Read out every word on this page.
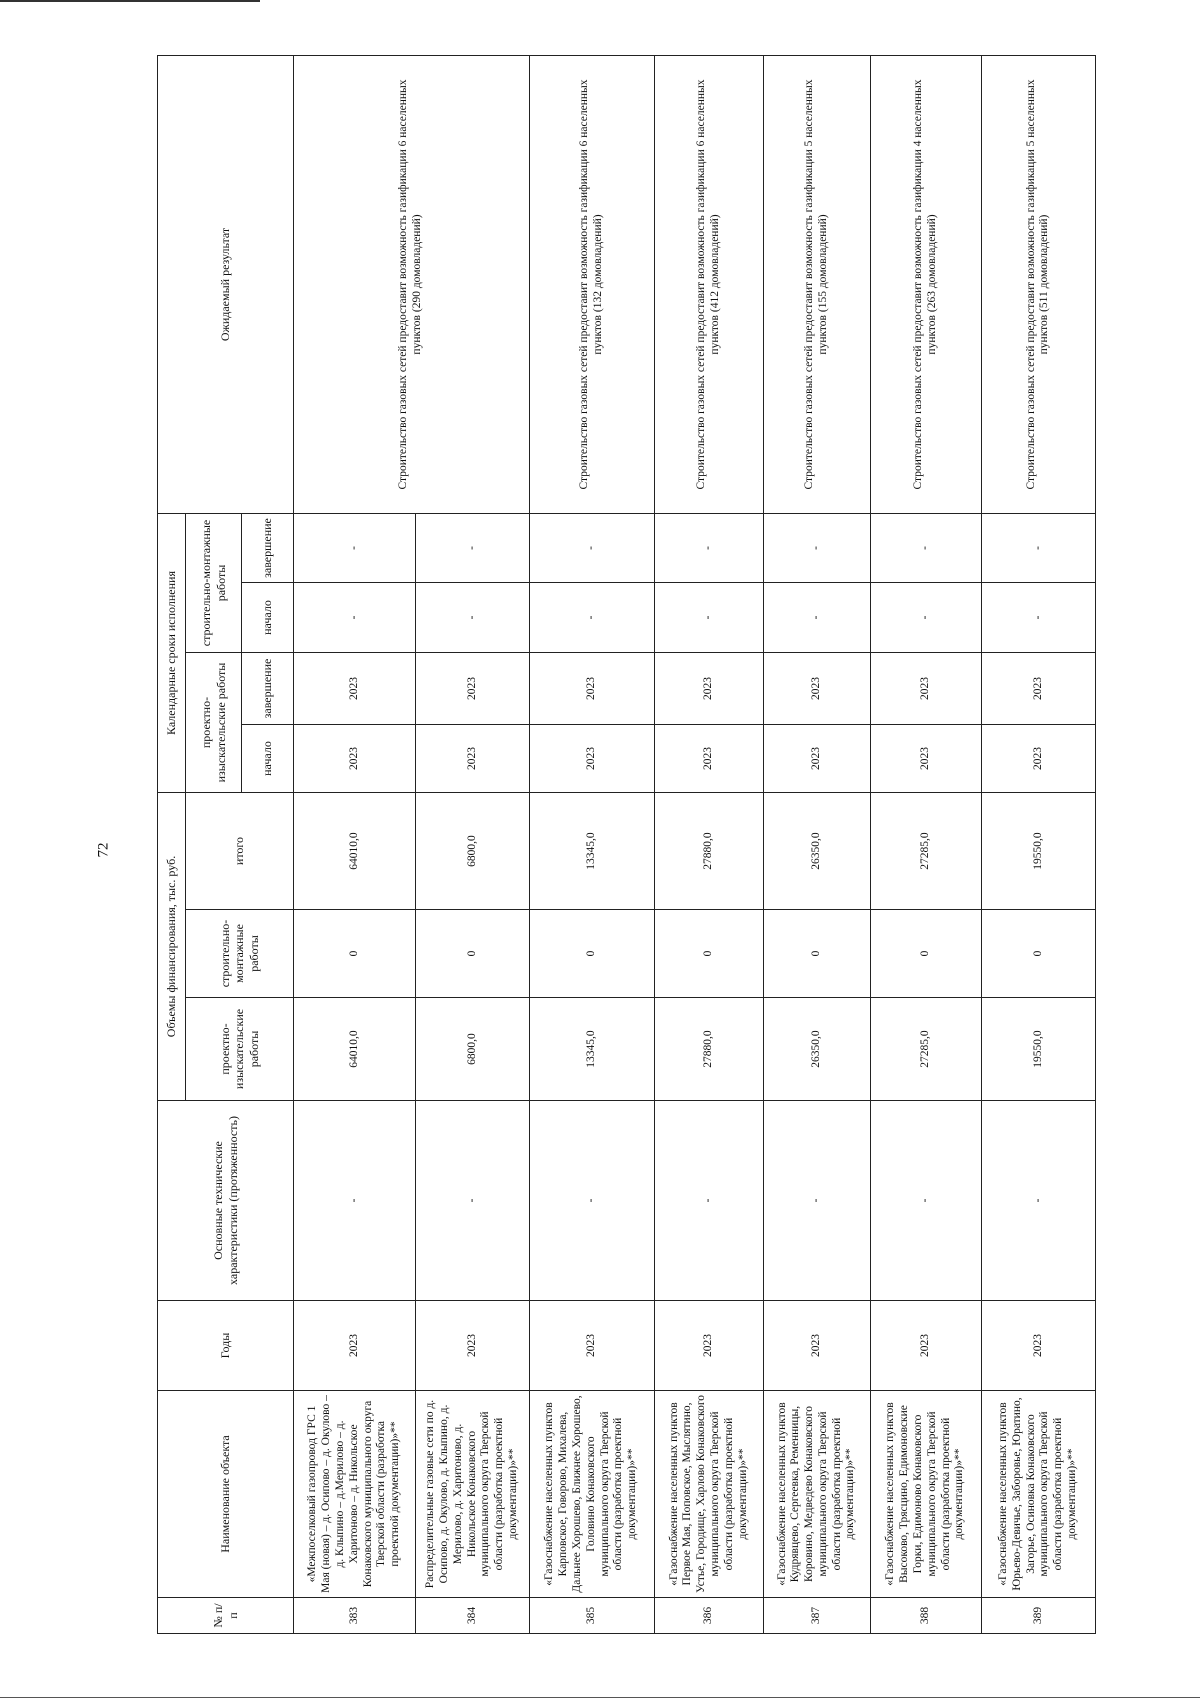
72
№ п/п	Наименование объекта	Годы	Основные технические характеристики (протяженность)	Объемы финансирования, тыс. руб.			Календарные сроки исполнения				Ожидаемый результат
				проектно-изыскательские работы	строительно-монтажные работы	итого	проектно-изыскательские работы		строительно-монтажные работы		
							начало	завершение	начало	завершение	
383	«Межпоселковый газопровод ГРС 1 Мая (новая) – д. Осипово – д. Окулово – д. Клыпино – д.Мерилово – д. Харитоново – д. Никольское Конаковского муниципального округа Тверской области (разработка проектной документации)»**	2023	-	64010,0	0	64010,0	2023	2023	-	-	Строительство газовых сетей предоставит возможность газификации 6 населенных пунктов (290 домовладений)
384	Распределительные газовые сети по д. Осипово, д. Окулово, д. Клыпино, д. Мерилово, д. Харитоново, д. Никольское Конаковского муниципального округа Тверской области (разработка проектной документации)»**	2023	-	6800,0	0	6800,0	2023	2023	-	-	
385	«Газоснабжение населенных пунктов Карповское, Говорово, Михалева, Дальнее Хорошево, Ближнее Хорошево, Головино Конаковского муниципального округа Тверской области (разработка проектной документации)»**	2023	-	13345,0	0	13345,0	2023	2023	-	-	Строительство газовых сетей предоставит возможность газификации 6 населенных пунктов (132 домовладений)
386	«Газоснабжение населенных пунктов Первое Мая, Поповское, Мыслятино, Устье, Городище, Харлово Конаковского муниципального округа Тверской области (разработка проектной документации)»**	2023	-	27880,0	0	27880,0	2023	2023	-	-	Строительство газовых сетей предоставит возможность газификации 6 населенных пунктов (412 домовладений)
387	«Газоснабжение населенных пунктов Кудрявцево, Сергеевка, Ременницы, Коровино, Медведево Конаковского муниципального округа Тверской области (разработка проектной документации)»**	2023	-	26350,0	0	26350,0	2023	2023	-	-	Строительство газовых сетей предоставит возможность газификации 5 населенных пунктов (155 домовладений)
388	«Газоснабжение населенных пунктов Высоково, Трясцино, Едимоновские Горки, Едимоново Конаковского муниципального округа Тверской области (разработка проектной документации)»**	2023	-	27285,0	0	27285,0	2023	2023	-	-	Строительство газовых сетей предоставит возможность газификации 4 населенных пунктов (263 домовладений)
389	«Газоснабжение населенных пунктов Юрьево-Девичье, Заборовье, Юратино, Загорье, Осиновка Конаковского муниципального округа Тверской области (разработка проектной документации)»**	2023	-	19550,0	0	19550,0	2023	2023	-	-	Строительство газовых сетей предоставит возможность газификации 5 населенных пунктов (511 домовладений)
